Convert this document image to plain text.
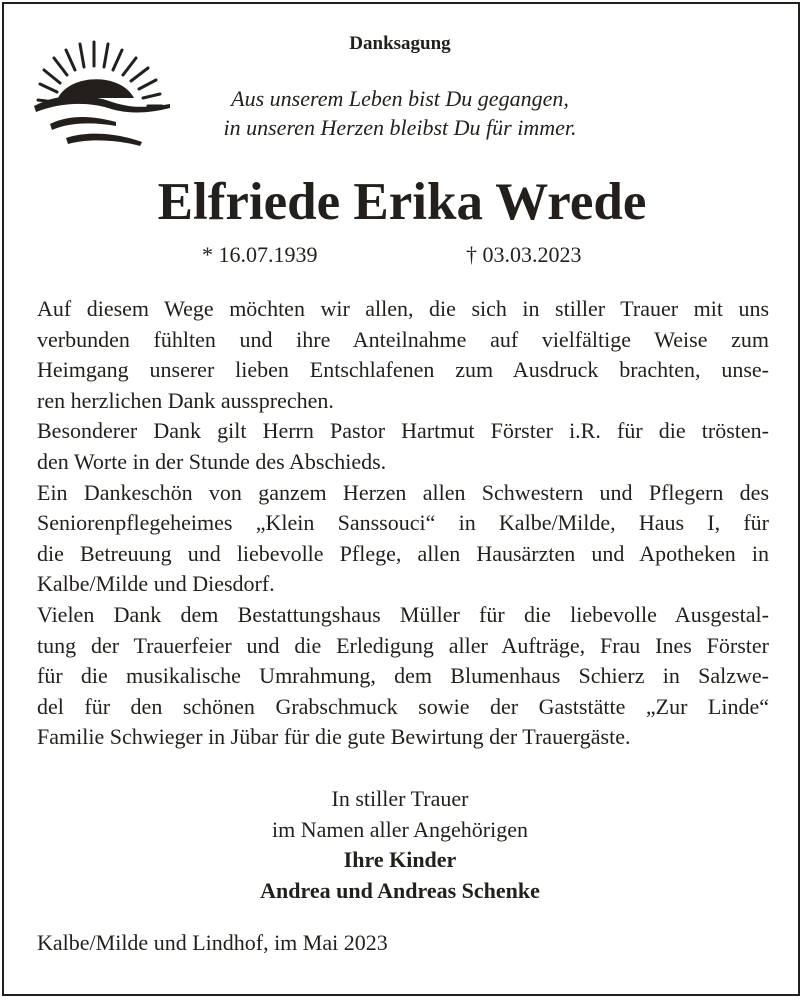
Danksagung
Aus unserem Leben bist Du gegangen,
in unseren Herzen bleibst Du für immer.
Elfriede Erika Wrede
* 16.07.1939	† 03.03.2023
Auf diesem Wege möchten wir allen, die sich in stiller Trauer mit uns
verbunden fühlten und ihre Anteilnahme auf vielfältige Weise zum
Heimgang unserer lieben Entschlafenen zum Ausdruck brachten, unse-
ren herzlichen Dank aussprechen.
Besonderer Dank gilt Herrn Pastor Hartmut Förster i.R. für die trösten-
den Worte in der Stunde des Abschieds.
Ein Dankeschön von ganzem Herzen allen Schwestern und Pflegern des
Seniorenpflegeheimes „Klein Sanssouci“ in Kalbe/Milde, Haus I, für
die Betreuung und liebevolle Pflege, allen Hausärzten und Apotheken in
Kalbe/Milde und Diesdorf.
Vielen Dank dem Bestattungshaus Müller für die liebevolle Ausgestal-
tung der Trauerfeier und die Erledigung aller Aufträge, Frau Ines Förster
für die musikalische Umrahmung, dem Blumenhaus Schierz in Salzwe-
del für den schönen Grabschmuck sowie der Gaststätte „Zur Linde“
Familie Schwieger in Jübar für die gute Bewirtung der Trauergäste.
In stiller Trauer
im Namen aller Angehörigen
Ihre Kinder
Andrea und Andreas Schenke
Kalbe/Milde und Lindhof, im Mai 2023
